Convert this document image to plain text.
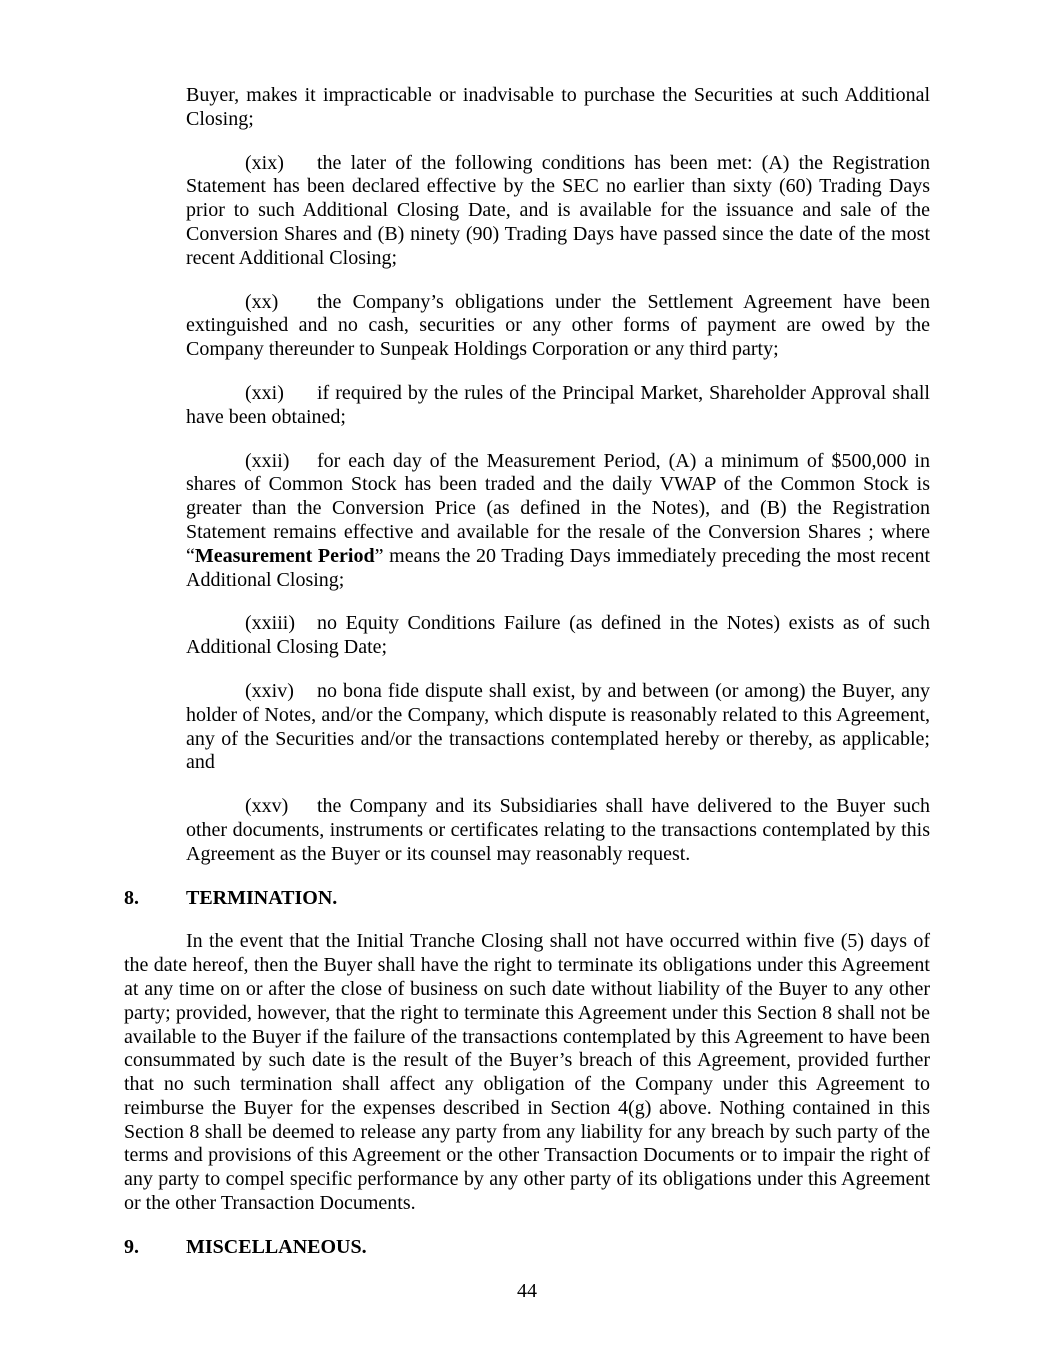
Buyer, makes it impracticable or inadvisable to purchase the Securities at such Additional Closing;

(xix) the later of the following conditions has been met: (A) the Registration Statement has been declared effective by the SEC no earlier than sixty (60) Trading Days prior to such Additional Closing Date, and is available for the issuance and sale of the Conversion Shares and (B) ninety (90) Trading Days have passed since the date of the most recent Additional Closing;

(xx) the Company’s obligations under the Settlement Agreement have been extinguished and no cash, securities or any other forms of payment are owed by the Company thereunder to Sunpeak Holdings Corporation or any third party;

(xxi) if required by the rules of the Principal Market, Shareholder Approval shall have been obtained;

(xxii) for each day of the Measurement Period, (A) a minimum of $500,000 in shares of Common Stock has been traded and the daily VWAP of the Common Stock is greater than the Conversion Price (as defined in the Notes), and (B) the Registration Statement remains effective and available for the resale of the Conversion Shares ; where “Measurement Period” means the 20 Trading Days immediately preceding the most recent Additional Closing;

(xxiii) no Equity Conditions Failure (as defined in the Notes) exists as of such Additional Closing Date;

(xxiv) no bona fide dispute shall exist, by and between (or among) the Buyer, any holder of Notes, and/or the Company, which dispute is reasonably related to this Agreement, any of the Securities and/or the transactions contemplated hereby or thereby, as applicable; and

(xxv) the Company and its Subsidiaries shall have delivered to the Buyer such other documents, instruments or certificates relating to the transactions contemplated by this Agreement as the Buyer or its counsel may reasonably request.

8. TERMINATION.

In the event that the Initial Tranche Closing shall not have occurred within five (5) days of the date hereof, then the Buyer shall have the right to terminate its obligations under this Agreement at any time on or after the close of business on such date without liability of the Buyer to any other party; provided, however, that the right to terminate this Agreement under this Section 8 shall not be available to the Buyer if the failure of the transactions contemplated by this Agreement to have been consummated by such date is the result of the Buyer’s breach of this Agreement, provided further that no such termination shall affect any obligation of the Company under this Agreement to reimburse the Buyer for the expenses described in Section 4(g) above. Nothing contained in this Section 8 shall be deemed to release any party from any liability for any breach by such party of the terms and provisions of this Agreement or the other Transaction Documents or to impair the right of any party to compel specific performance by any other party of its obligations under this Agreement or the other Transaction Documents.

9. MISCELLANEOUS.

44
